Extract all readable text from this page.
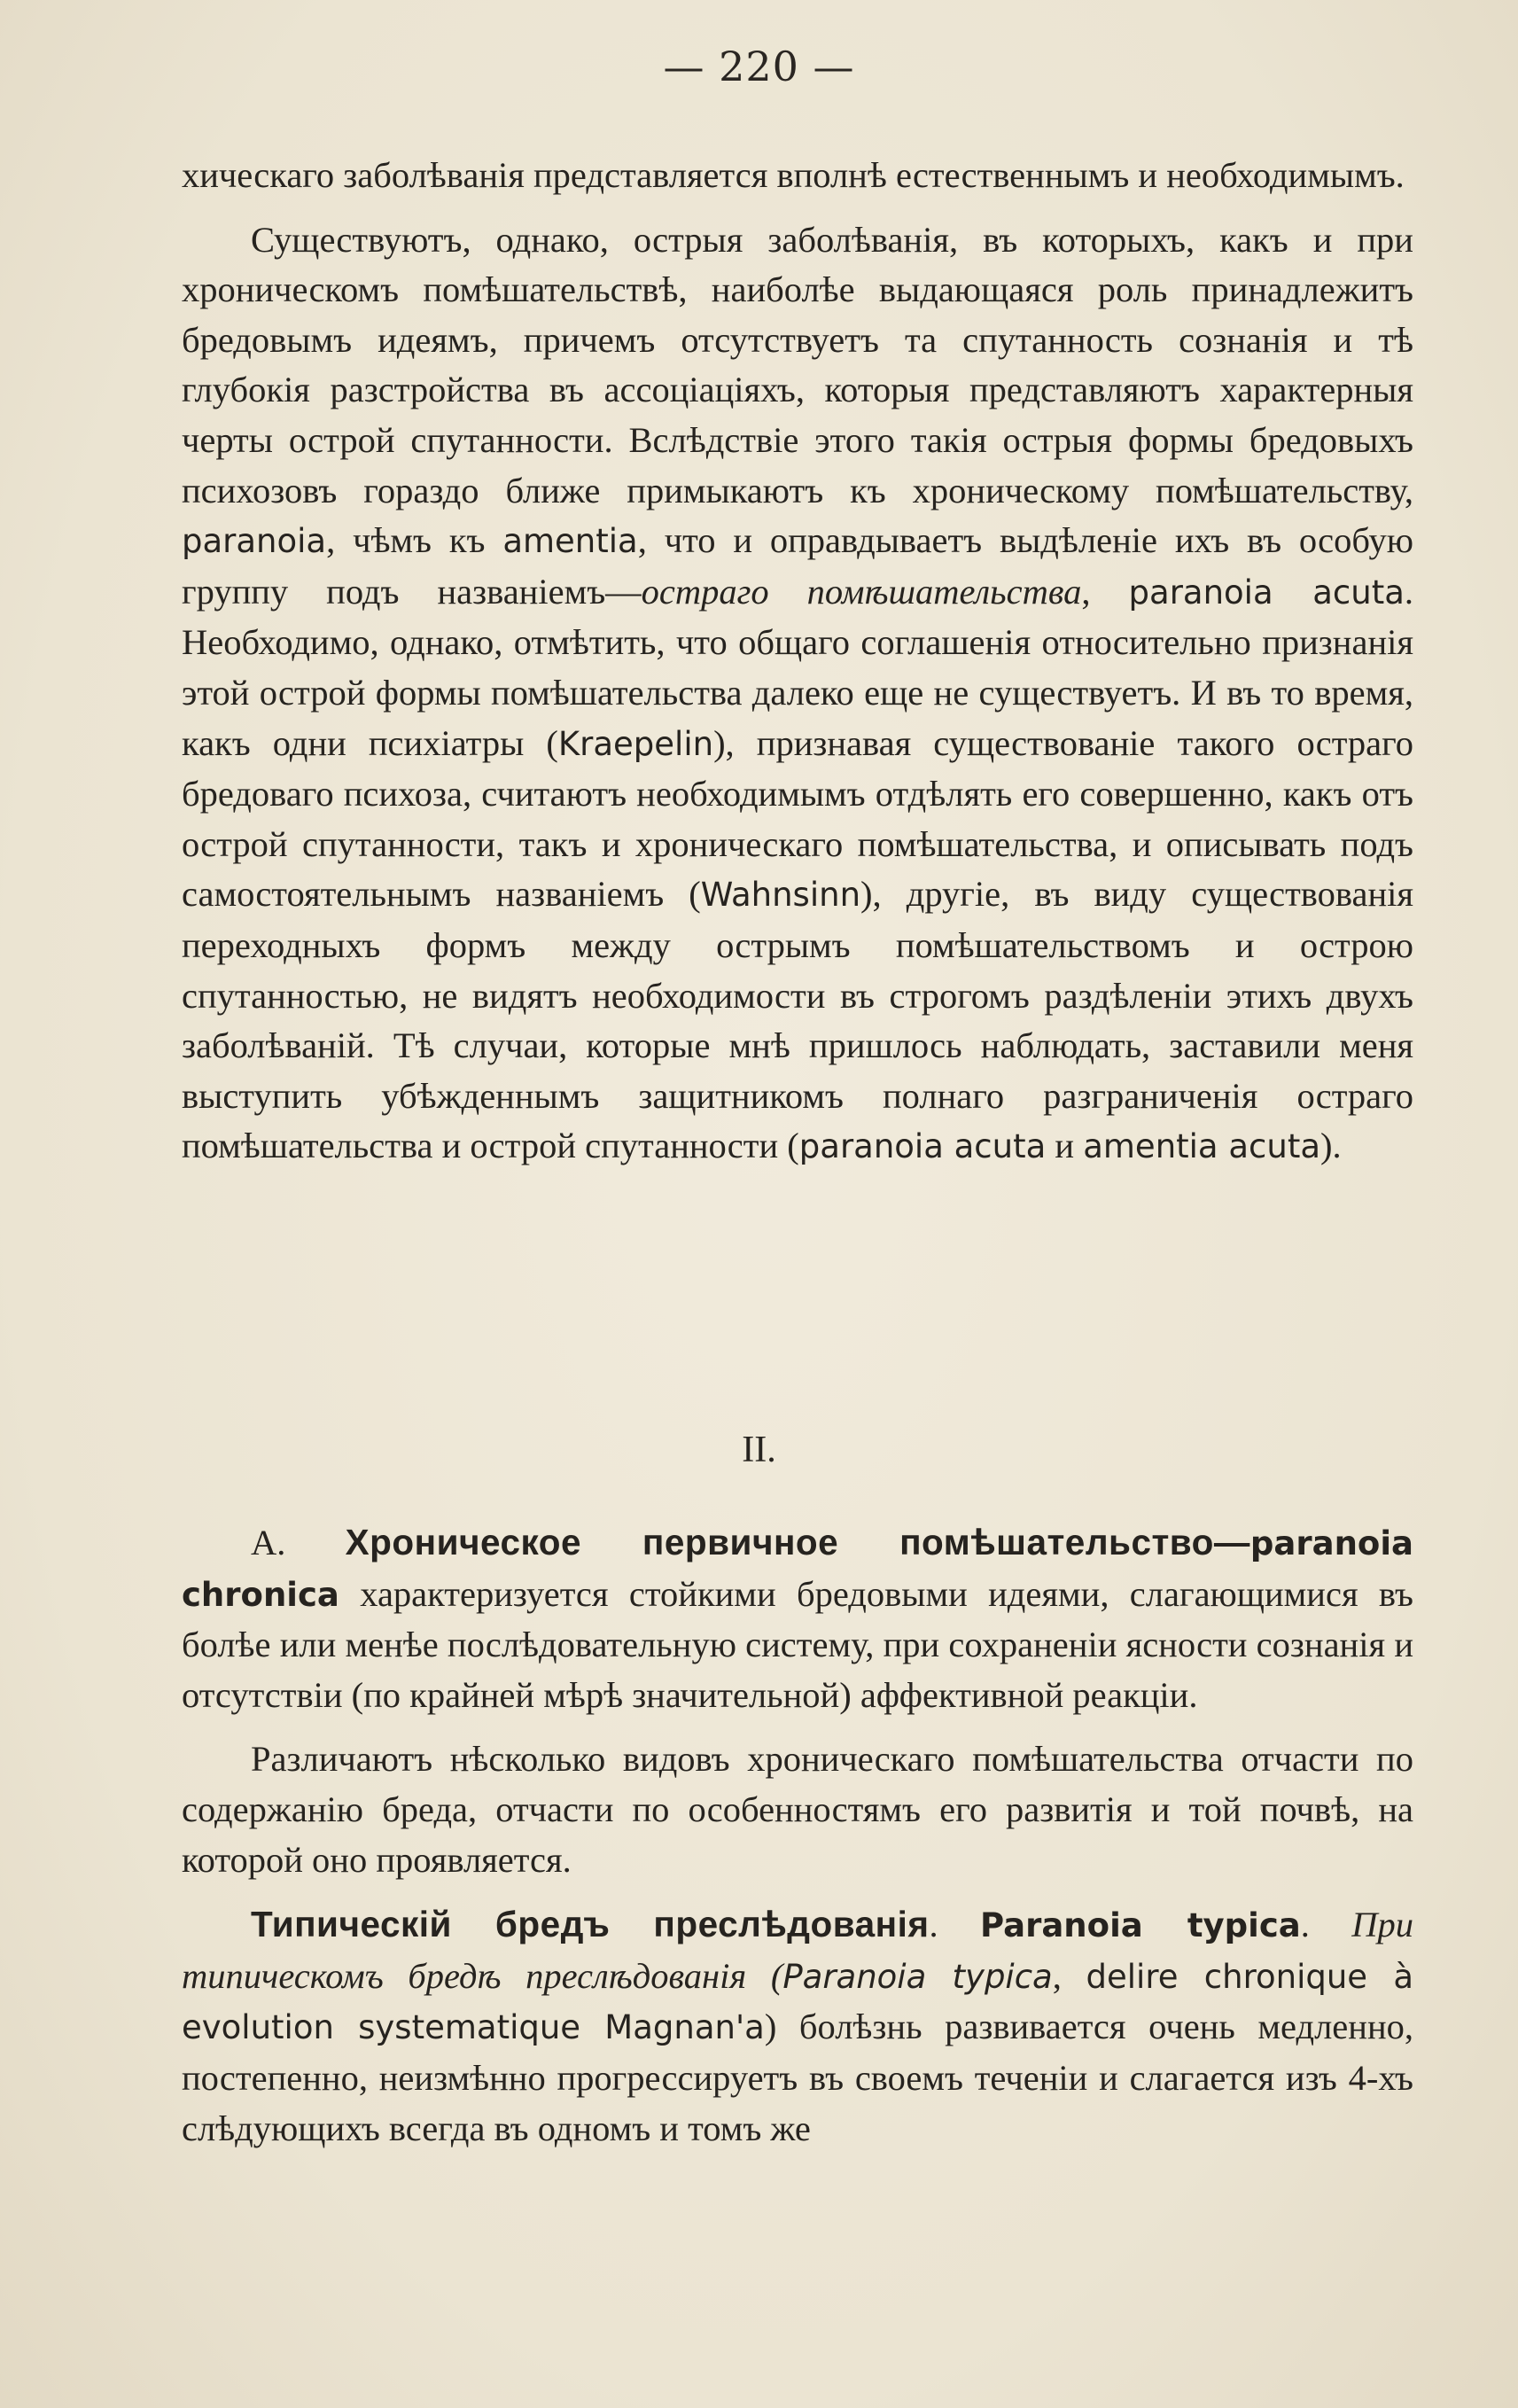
— 220 —

хическаго заболѣванія представляется вполнѣ естественнымъ и необходимымъ.

Существуютъ, однако, острыя заболѣванія, въ которыхъ, какъ и при хроническомъ помѣшательствѣ, наиболѣе выдающаяся роль принадлежитъ бредовымъ идеямъ, причемъ отсутствуетъ та спутанность сознанія и тѣ глубокія разстройства въ ассоціаціяхъ, которыя представляютъ характерныя черты острой спутанности. Вслѣдствіе этого такія острыя формы бредовыхъ психозовъ гораздо ближе примыкаютъ къ хроническому помѣшательству, paranoia, чѣмъ къ amentia, что и оправдываетъ выдѣленіе ихъ въ особую группу подъ названіемъ—остраго помѣшательства, paranoia acuta. Необходимо, однако, отмѣтить, что общаго соглашенія относительно признанія этой острой формы помѣшательства далеко еще не существуетъ. И въ то время, какъ одни психіатры (Kraepelin), признавая существованіе такого остраго бредоваго психоза, считаютъ необходимымъ отдѣлять его совершенно, какъ отъ острой спутанности, такъ и хроническаго помѣшательства, и описывать подъ самостоятельнымъ названіемъ (Wahnsinn), другіе, въ виду существованія переходныхъ формъ между острымъ помѣшательствомъ и острою спутанностью, не видятъ необходимости въ строгомъ раздѣленіи этихъ двухъ заболѣваній. Тѣ случаи, которые мнѣ пришлось наблюдать, заставили меня выступить убѣжденнымъ защитникомъ полнаго разграниченія остраго помѣшательства и острой спутанности (paranoia acuta и amentia acuta).

II.

А. Хроническое первичное помѣшательство—paranoia chronica характеризуется стойкими бредовыми идеями, слагающимися въ болѣе или менѣе послѣдовательную систему, при сохраненіи ясности сознанія и отсутствіи (по крайней мѣрѣ значительной) аффективной реакціи.

Различаютъ нѣсколько видовъ хроническаго помѣшательства отчасти по содержанію бреда, отчасти по особенностямъ его развитія и той почвѣ, на которой оно проявляется.

Типическій бредъ преслѣдованія. Paranoia typica. При типическомъ бредѣ преслѣдованія (Paranoia typica, delire chronique à evolution systematique Magnan'a) болѣзнь развивается очень медленно, постепенно, неизмѣнно прогрессируетъ въ своемъ теченіи и слагается изъ 4-хъ слѣдующихъ всегда въ одномъ и томъ же
